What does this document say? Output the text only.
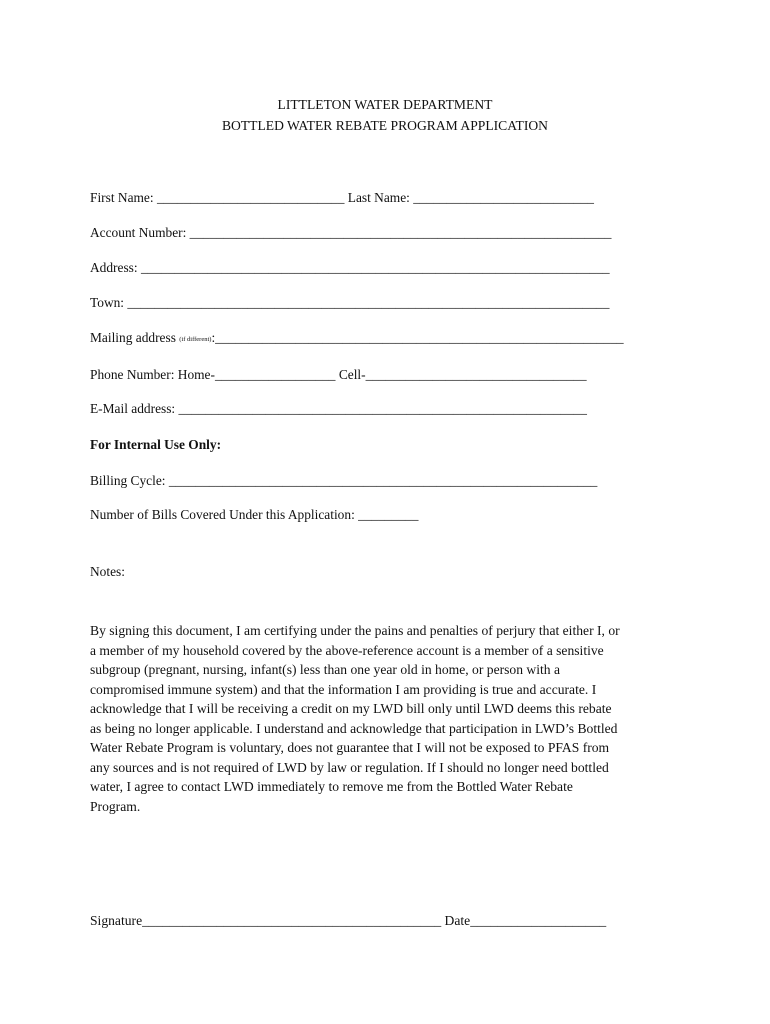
LITTLETON WATER DEPARTMENT
BOTTLED WATER REBATE PROGRAM APPLICATION
First Name: ____________________________ Last Name: ___________________________
Account Number: _______________________________________________________________
Address: ______________________________________________________________________
Town: ________________________________________________________________________
Mailing address (if different):_____________________________________________________________
Phone Number: Home-__________________ Cell-_________________________________
E-Mail address: _____________________________________________________________
For Internal Use Only:
Billing Cycle: ________________________________________________________________
Number of Bills Covered Under this Application: _________
Notes:
By signing this document, I am certifying under the pains and penalties of perjury that either I, or
a member of my household covered by the above-reference account is a member of a sensitive
subgroup (pregnant, nursing, infant(s) less than one year old in home, or person with a
compromised immune system) and that the information I am providing is true and accurate. I
acknowledge that I will be receiving a credit on my LWD bill only until LWD deems this rebate
as being no longer applicable. I understand and acknowledge that participation in LWD’s Bottled
Water Rebate Program is voluntary, does not guarantee that I will not be exposed to PFAS from
any sources and is not required of LWD by law or regulation. If I should no longer need bottled
water, I agree to contact LWD immediately to remove me from the Bottled Water Rebate
Program.
Signature____________________________________________ Date____________________
